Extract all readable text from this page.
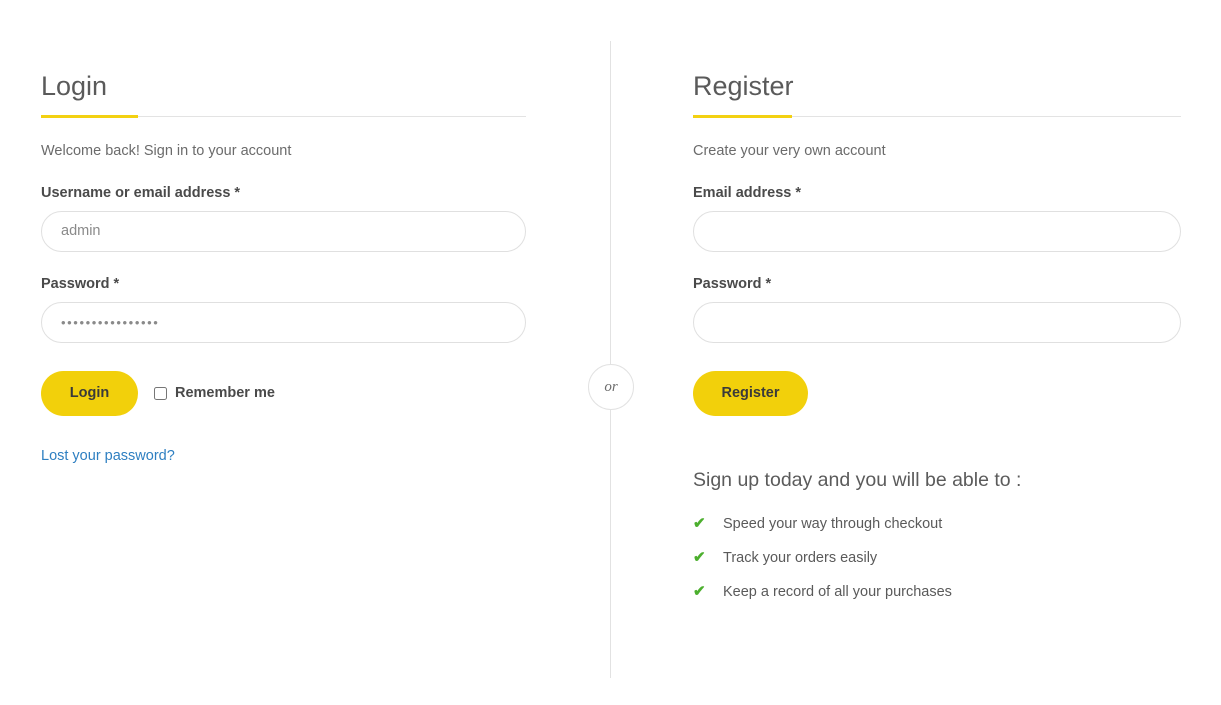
Login

Welcome back! Sign in to your account

Username or email address *
admin
Password *
••••••••••••••••
Login	Remember me
Lost your password?
or
Register

Create your very own account

Email address *
Password *
Register
Sign up today and you will be able to :
✔	Speed your way through checkout
✔	Track your orders easily
✔	Keep a record of all your purchases
